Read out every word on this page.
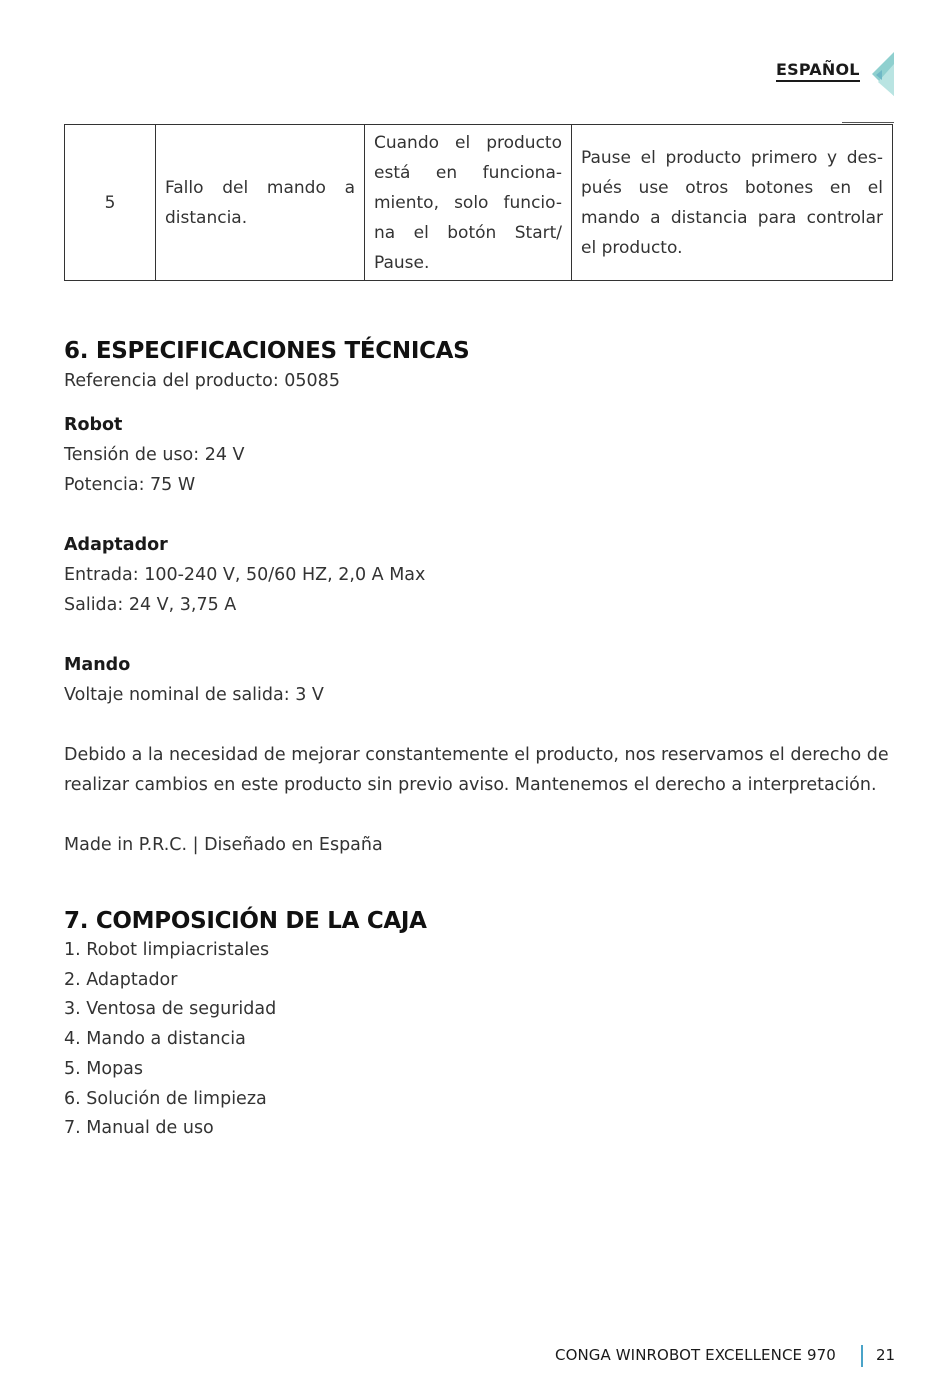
ESPAÑOL
5	Fallo del mando a distancia.	Cuando el producto está en funciona-miento, solo funcio-na el botón Start/ Pause.	Pause el producto primero y des-pués use otros botones en el mando a distancia para controlar el producto.
6. ESPECIFICACIONES TÉCNICAS

Referencia del producto: 05085

Robot

Tensión de uso: 24 V

Potencia: 75 W

Adaptador

Entrada: 100-240 V, 50/60 HZ, 2,0 A Max

Salida: 24 V, 3,75 A

Mando

Voltaje nominal de salida: 3 V

Debido a la necesidad de mejorar constantemente el producto, nos reservamos el derecho de realizar cambios en este producto sin previo aviso. Mantenemos el derecho a interpretación.

Made in P.R.C. | Diseñado en España

7. COMPOSICIÓN DE LA CAJA
1. Robot limpiacristales
2. Adaptador
3. Ventosa de seguridad
4. Mando a distancia
5. Mopas
6. Solución de limpieza
7. Manual de uso
CONGA WINROBOT EXCELLENCE 970	21
